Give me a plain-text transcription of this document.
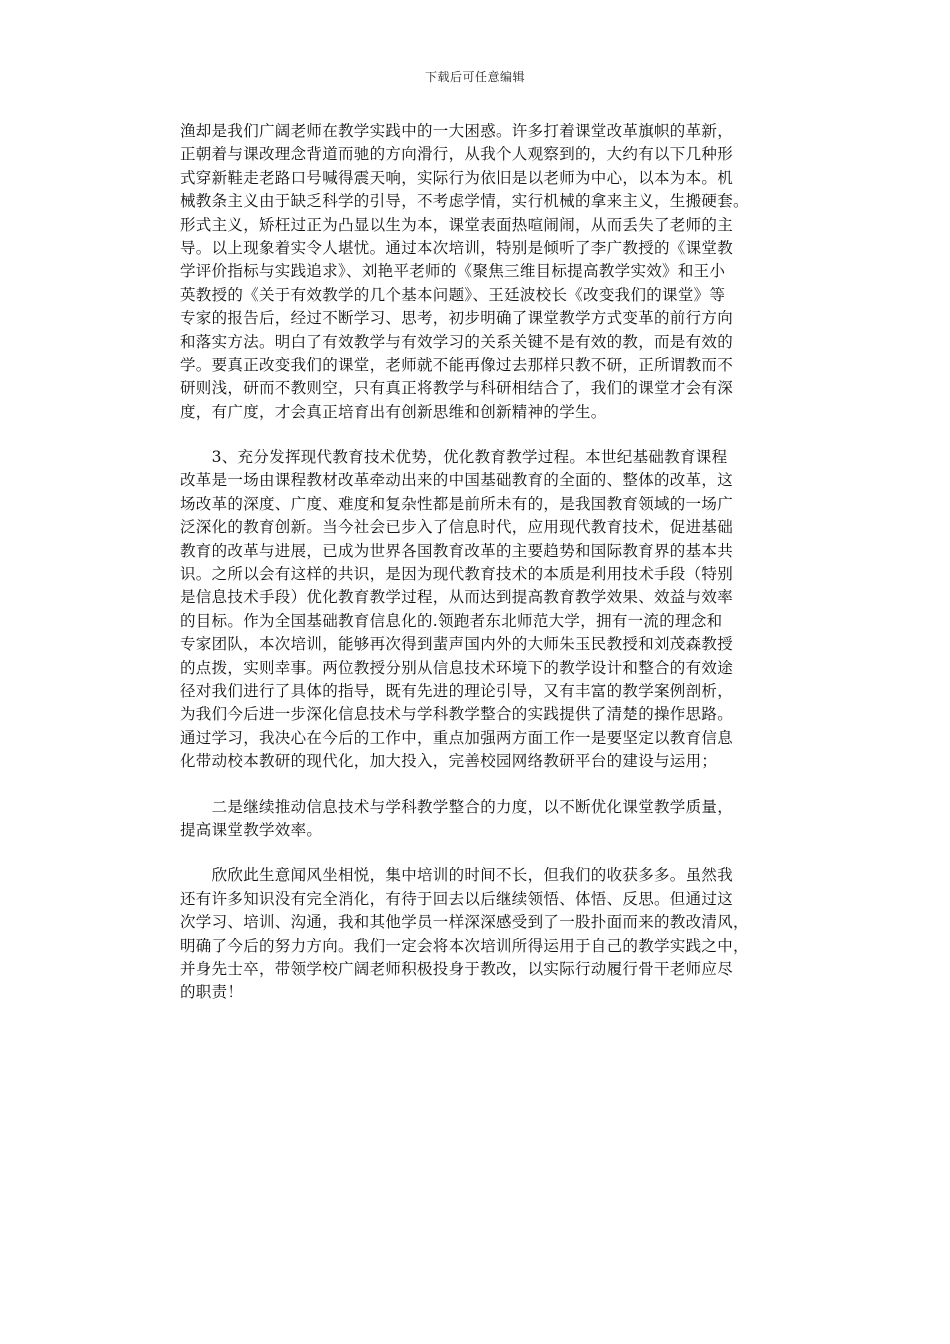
下载后可任意编辑
渔却是我们广阔老师在教学实践中的一大困惑。许多打着课堂改革旗帜的革新，
正朝着与课改理念背道而驰的方向滑行，从我个人观察到的，大约有以下几种形
式穿新鞋走老路口号喊得震天响，实际行为依旧是以老师为中心，以本为本。机
械教条主义由于缺乏科学的引导，不考虑学情，实行机械的拿来主义，生搬硬套。
形式主义，矫枉过正为凸显以生为本，课堂表面热喧闹闹，从而丢失了老师的主
导。以上现象着实令人堪忧。通过本次培训，特别是倾听了李广教授的《课堂教
学评价指标与实践追求》、刘艳平老师的《聚焦三维目标提高教学实效》和王小
英教授的《关于有效教学的几个基本问题》、王廷波校长《改变我们的课堂》等
专家的报告后，经过不断学习、思考，初步明确了课堂教学方式变革的前行方向
和落实方法。明白了有效教学与有效学习的关系关键不是有效的教，而是有效的
学。要真正改变我们的课堂，老师就不能再像过去那样只教不研，正所谓教而不
研则浅，研而不教则空，只有真正将教学与科研相结合了，我们的课堂才会有深
度，有广度，才会真正培育出有创新思维和创新精神的学生。
　　3、充分发挥现代教育技术优势，优化教育教学过程。本世纪基础教育课程
改革是一场由课程教材改革牵动出来的中国基础教育的全面的、整体的改革，这
场改革的深度、广度、难度和复杂性都是前所未有的，是我国教育领域的一场广
泛深化的教育创新。当今社会已步入了信息时代，应用现代教育技术，促进基础
教育的改革与进展，已成为世界各国教育改革的主要趋势和国际教育界的基本共
识。之所以会有这样的共识，是因为现代教育技术的本质是利用技术手段（特别
是信息技术手段）优化教育教学过程，从而达到提高教育教学效果、效益与效率
的目标。作为全国基础教育信息化的.领跑者东北师范大学，拥有一流的理念和
专家团队，本次培训，能够再次得到蜚声国内外的大师朱玉民教授和刘茂森教授
的点拨，实则幸事。两位教授分别从信息技术环境下的教学设计和整合的有效途
径对我们进行了具体的指导，既有先进的理论引导，又有丰富的教学案例剖析，
为我们今后进一步深化信息技术与学科教学整合的实践提供了清楚的操作思路。
通过学习，我决心在今后的工作中，重点加强两方面工作一是要坚定以教育信息
化带动校本教研的现代化，加大投入，完善校园网络教研平台的建设与运用；
　　二是继续推动信息技术与学科教学整合的力度，以不断优化课堂教学质量，
提高课堂教学效率。
　　欣欣此生意闻风坐相悦，集中培训的时间不长，但我们的收获多多。虽然我
还有许多知识没有完全消化，有待于回去以后继续领悟、体悟、反思。但通过这
次学习、培训、沟通，我和其他学员一样深深感受到了一股扑面而来的教改清风，
明确了今后的努力方向。我们一定会将本次培训所得运用于自己的教学实践之中，
并身先士卒，带领学校广阔老师积极投身于教改，以实际行动履行骨干老师应尽
的职责！
